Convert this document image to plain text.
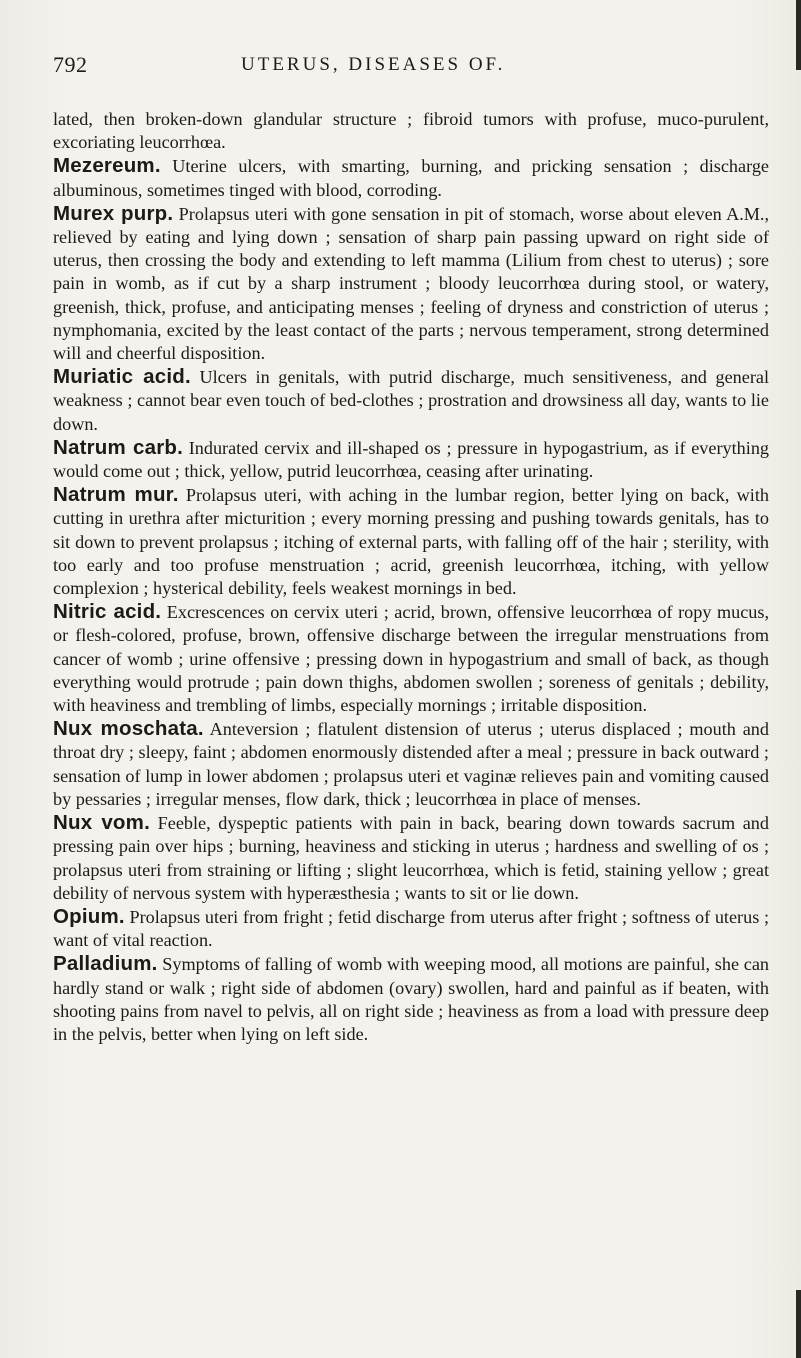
792	UTERUS, DISEASES OF.

lated, then broken-down glandular structure ; fibroid tumors with profuse, muco-purulent, excoriating leucorrhœa.

Mezereum. Uterine ulcers, with smarting, burning, and pricking sensation ; discharge albuminous, sometimes tinged with blood, corroding.

Murex purp. Prolapsus uteri with gone sensation in pit of stomach, worse about eleven A.M., relieved by eating and lying down ; sensation of sharp pain passing upward on right side of uterus, then crossing the body and extending to left mamma (Lilium from chest to uterus) ; sore pain in womb, as if cut by a sharp instrument ; bloody leucorrhœa during stool, or watery, greenish, thick, profuse, and anticipating menses ; feeling of dryness and constriction of uterus ; nymphomania, excited by the least contact of the parts ; nervous temperament, strong determined will and cheerful disposition.

Muriatic acid. Ulcers in genitals, with putrid discharge, much sensitiveness, and general weakness ; cannot bear even touch of bed-clothes ; prostration and drowsiness all day, wants to lie down.

Natrum carb. Indurated cervix and ill-shaped os ; pressure in hypogastrium, as if everything would come out ; thick, yellow, putrid leucorrhœa, ceasing after urinating.

Natrum mur. Prolapsus uteri, with aching in the lumbar region, better lying on back, with cutting in urethra after micturition ; every morning pressing and pushing towards genitals, has to sit down to prevent prolapsus ; itching of external parts, with falling off of the hair ; sterility, with too early and too profuse menstruation ; acrid, greenish leucorrhœa, itching, with yellow complexion ; hysterical debility, feels weakest mornings in bed.

Nitric acid. Excrescences on cervix uteri ; acrid, brown, offensive leucorrhœa of ropy mucus, or flesh-colored, profuse, brown, offensive discharge between the irregular menstruations from cancer of womb ; urine offensive ; pressing down in hypogastrium and small of back, as though everything would protrude ; pain down thighs, abdomen swollen ; soreness of genitals ; debility, with heaviness and trembling of limbs, especially mornings ; irritable disposition.

Nux moschata. Anteversion ; flatulent distension of uterus ; uterus displaced ; mouth and throat dry ; sleepy, faint ; abdomen enormously distended after a meal ; pressure in back outward ; sensation of lump in lower abdomen ; prolapsus uteri et vaginæ relieves pain and vomiting caused by pessaries ; irregular menses, flow dark, thick ; leucorrhœa in place of menses.

Nux vom. Feeble, dyspeptic patients with pain in back, bearing down towards sacrum and pressing pain over hips ; burning, heaviness and sticking in uterus ; hardness and swelling of os ; prolapsus uteri from straining or lifting ; slight leucorrhœa, which is fetid, staining yellow ; great debility of nervous system with hyperæsthesia ; wants to sit or lie down.

Opium. Prolapsus uteri from fright ; fetid discharge from uterus after fright ; softness of uterus ; want of vital reaction.

Palladium. Symptoms of falling of womb with weeping mood, all motions are painful, she can hardly stand or walk ; right side of abdomen (ovary) swollen, hard and painful as if beaten, with shooting pains from navel to pelvis, all on right side ; heaviness as from a load with pressure deep in the pelvis, better when lying on left side.
